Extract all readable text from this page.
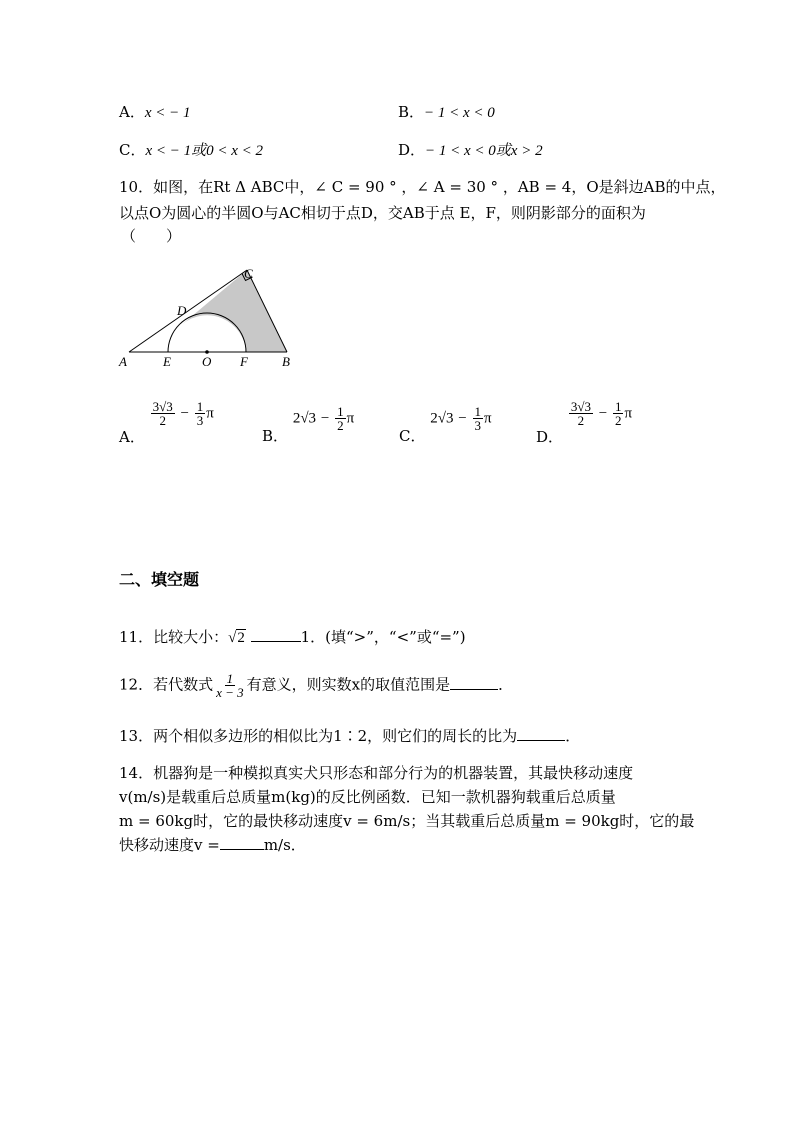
A．x < − 1	B．− 1 < x < 0
C．x < − 1或0 < x < 2	D．− 1 < x < 0或x > 2
10．如图，在Rt Δ ABC中，∠ C = 90 ° ，∠ A = 30 ° ，AB = 4，O是斜边AB的中点，
以点O为圆心的半圆O与AC相切于点D，交AB于点 E，F，则阴影部分的面积为
（　　）
A	E O F	B
D
C
A．
$\frac{3√3}{2} - \frac{1}{3}$ π
B． $2√3 - \frac{1}{2}$ π
C． $2√3 - \frac{1}{3}$ π
D．
$\frac{3√3}{2} - \frac{1}{2}$ π
二、填空题
11．比较大小：√2	1．(填“>”，“<”或“=”)
12．若代数式 $\frac{1}{x - 3}$ 有意义，则实数x的取值范围是	．
13．两个相似多边形的相似比为1∶2，则它们的周长的比为	．
14．机器狗是一种模拟真实犬只形态和部分行为的机器装置，其最快移动速度
v(m/s)是载重后总质量m(kg)的反比例函数．已知一款机器狗载重后总质量
m = 60kg时，它的最快移动速度v = 6m/s；当其载重后总质量m = 90kg时，它的最
快移动速度v =	m/s．
